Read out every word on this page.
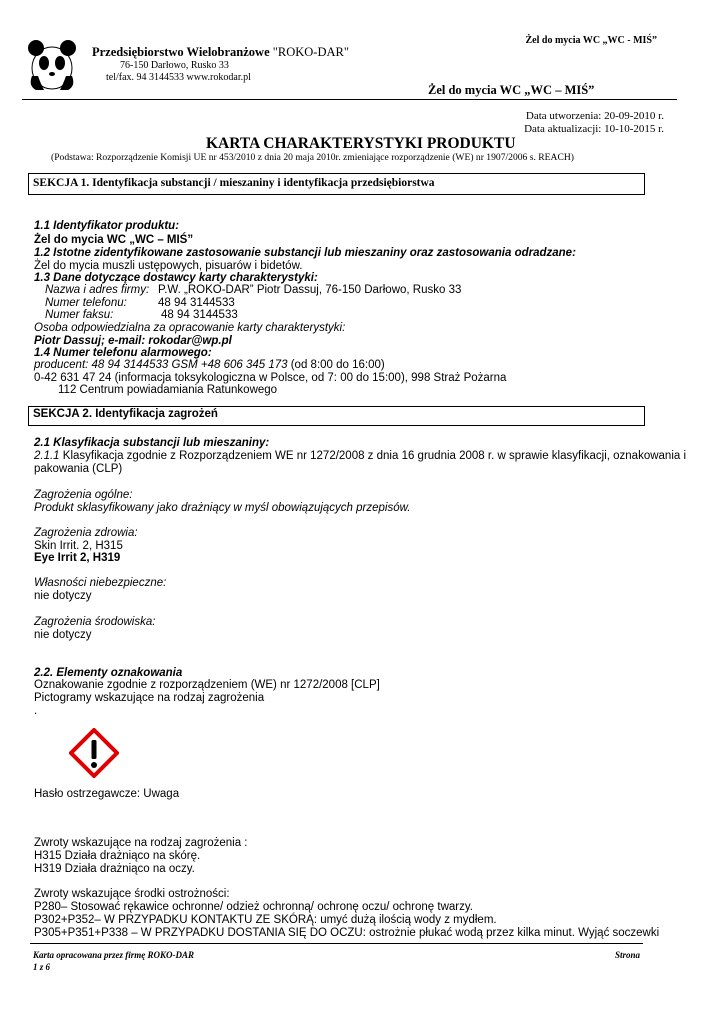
Żel do mycia WC „WC - MIŚ”
Przedsiębiorstwo Wielobranżowe "ROKO-DAR"
76-150 Darłowo, Rusko 33
tel/fax. 94 3144533 www.rokodar.pl
Żel do mycia WC „WC – MIŚ”
Data utworzenia: 20-09-2010 r.
Data aktualizacji: 10-10-2015 r.
KARTA CHARAKTERYSTYKI PRODUKTU
(Podstawa: Rozporządzenie Komisji UE nr 453/2010 z dnia 20 maja 2010r. zmieniające rozporządzenie (WE) nr 1907/2006 s. REACH)
SEKCJA 1. Identyfikacja substancji / mieszaniny i identyfikacja przedsiębiorstwa
1.1 Identyfikator produktu:
Żel do mycia WC „WC – MIŚ”
1.2 Istotne zidentyfikowane zastosowanie substancji lub mieszaniny oraz zastosowania odradzane:
Żel do mycia muszli ustępowych, pisuarów i bidetów.
1.3 Dane dotyczące dostawcy karty charakterystyki:
Nazwa i adres firmy: P.W. „ROKO-DAR” Piotr Dassuj, 76-150 Darłowo, Rusko 33
Numer telefonu:	48 94 3144533
Numer faksu:	48 94 3144533
Osoba odpowiedzialna za opracowanie karty charakterystyki:
Piotr Dassuj; e-mail: rokodar@wp.pl
1.4 Numer telefonu alarmowego:
producent: 48 94 3144533 GSM +48 606 345 173 (od 8:00 do 16:00)
0-42 631 47 24 (informacja toksykologiczna w Polsce, od 7: 00 do 15:00), 998 Straż Pożarna
112 Centrum powiadamiania Ratunkowego
SEKCJA 2. Identyfikacja zagrożeń
2.1 Klasyfikacja substancji lub mieszaniny:
2.1.1 Klasyfikacja zgodnie z Rozporządzeniem WE nr 1272/2008 z dnia 16 grudnia 2008 r. w sprawie klasyfikacji, oznakowania i
pakowania (CLP)
Zagrożenia ogólne:
Produkt sklasyfikowany jako drażniący w myśl obowiązujących przepisów.
Zagrożenia zdrowia:
Skin Irrit. 2, H315
Eye Irrit 2, H319
Własności niebezpieczne:
nie dotyczy
Zagrożenia środowiska:
nie dotyczy
2.2. Elementy oznakowania
Oznakowanie zgodnie z rozporządzeniem (WE) nr 1272/2008 [CLP]
Pictogramy wskazujące na rodzaj zagrożenia
.
Hasło ostrzegawcze: Uwaga
Zwroty wskazujące na rodzaj zagrożenia :
H315 Działa drażniąco na skórę.
H319 Działa drażniąco na oczy.
Zwroty wskazujące środki ostrożności:
P280– Stosować rękawice ochronne/ odzież ochronną/ ochronę oczu/ ochronę twarzy.
P302+P352– W PRZYPADKU KONTAKTU ZE SKÓRĄ: umyć dużą ilością wody z mydłem.
P305+P351+P338 – W PRZYPADKU DOSTANIA SIĘ DO OCZU: ostrożnie płukać wodą przez kilka minut. Wyjąć soczewki
Karta opracowana przez firmę ROKO-DAR	Strona
1 z 6
